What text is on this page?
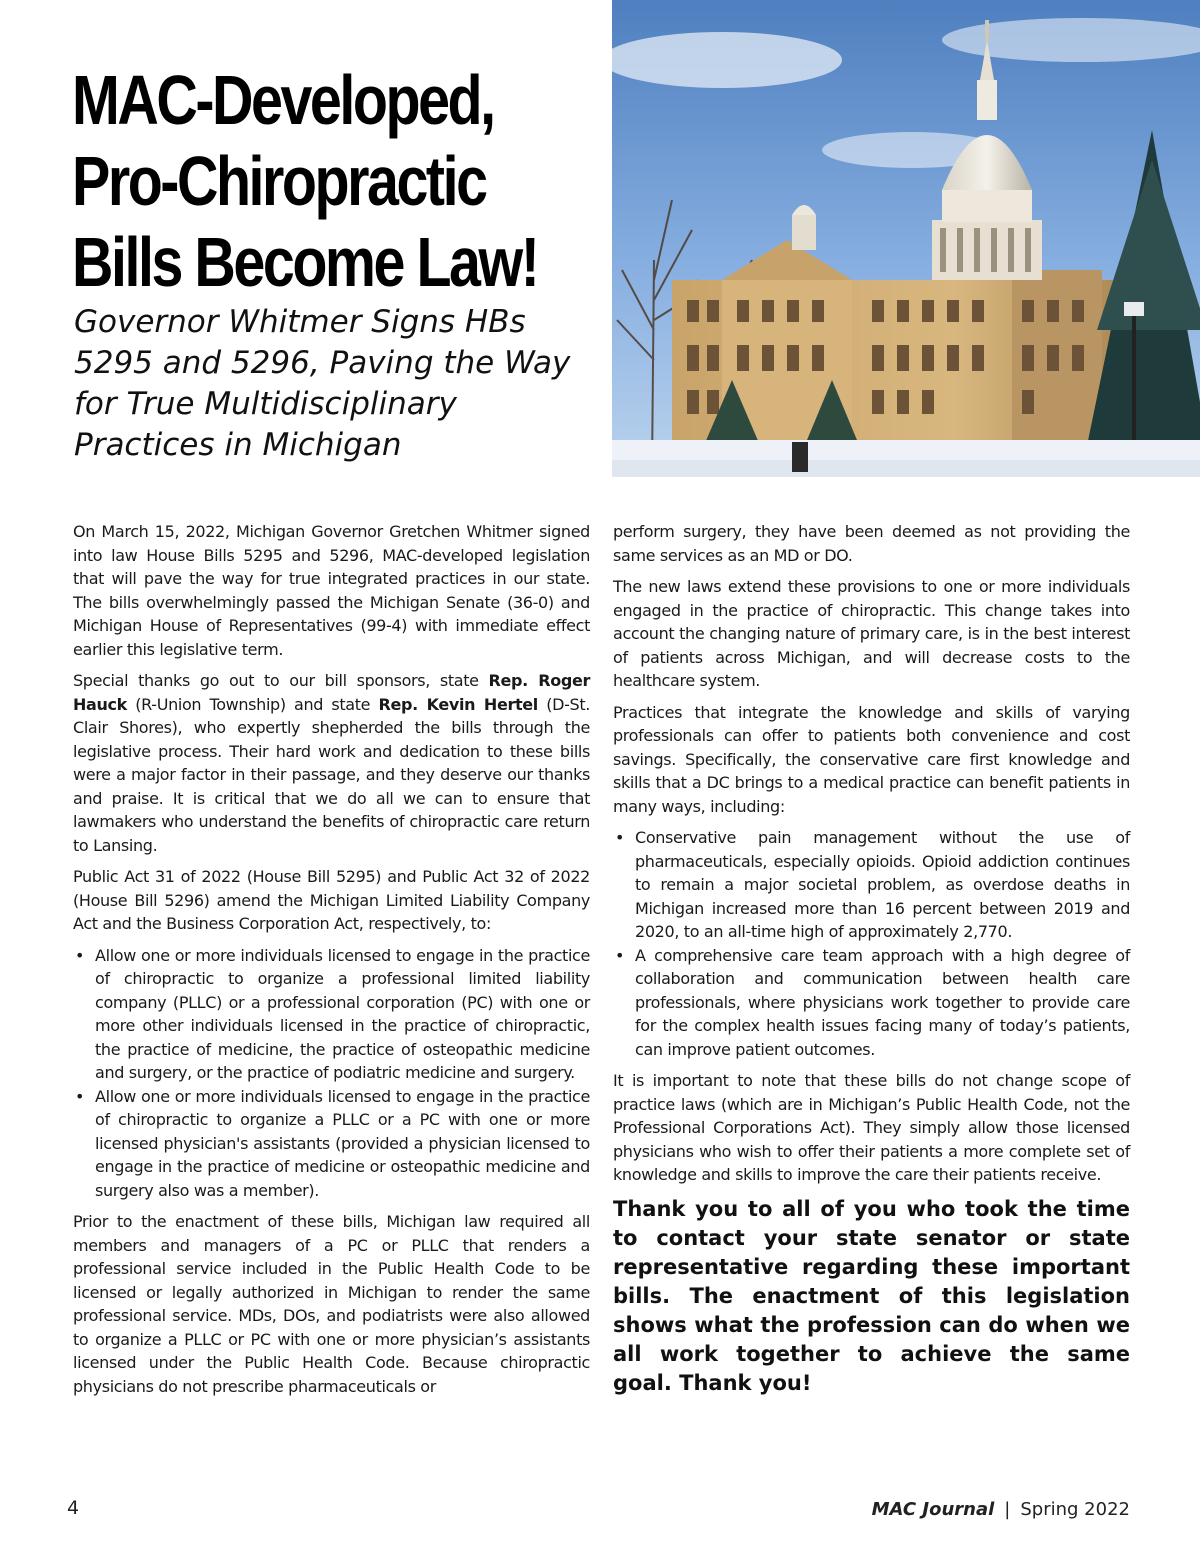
MAC-Developed,
Pro-Chiropractic
Bills Become Law!
Governor Whitmer Signs HBs
5295 and 5296, Paving the Way
for True Multidisciplinary
Practices in Michigan

On March 15, 2022, Michigan Governor Gretchen Whitmer signed into law House Bills 5295 and 5296, MAC-developed legislation that will pave the way for true integrated practices in our state. The bills overwhelmingly passed the Michigan Senate (36-0) and Michigan House of Representatives (99-4) with immediate effect earlier this legislative term.

Special thanks go out to our bill sponsors, state Rep. Roger Hauck (R-Union Township) and state Rep. Kevin Hertel (D-St. Clair Shores), who expertly shepherded the bills through the legislative process. Their hard work and dedication to these bills were a major factor in their passage, and they deserve our thanks and praise. It is critical that we do all we can to ensure that lawmakers who understand the benefits of chiropractic care return to Lansing.

Public Act 31 of 2022 (House Bill 5295) and Public Act 32 of 2022 (House Bill 5296) amend the Michigan Limited Liability Company Act and the Business Corporation Act, respectively, to:

• Allow one or more individuals licensed to engage in the practice of chiropractic to organize a professional limited liability company (PLLC) or a professional corporation (PC) with one or more other individuals licensed in the practice of chiropractic, the practice of medicine, the practice of osteopathic medicine and surgery, or the practice of podiatric medicine and surgery.
• Allow one or more individuals licensed to engage in the practice of chiropractic to organize a PLLC or a PC with one or more licensed physician's assistants (provided a physician licensed to engage in the practice of medicine or osteopathic medicine and surgery also was a member).

Prior to the enactment of these bills, Michigan law required all members and managers of a PC or PLLC that renders a professional service included in the Public Health Code to be licensed or legally authorized in Michigan to render the same professional service. MDs, DOs, and podiatrists were also allowed to organize a PLLC or PC with one or more physician’s assistants licensed under the Public Health Code. Because chiropractic physicians do not prescribe pharmaceuticals or

perform surgery, they have been deemed as not providing the same services as an MD or DO.

The new laws extend these provisions to one or more individuals engaged in the practice of chiropractic. This change takes into account the changing nature of primary care, is in the best interest of patients across Michigan, and will decrease costs to the healthcare system.

Practices that integrate the knowledge and skills of varying professionals can offer to patients both convenience and cost savings. Specifically, the conservative care first knowledge and skills that a DC brings to a medical practice can benefit patients in many ways, including:

• Conservative pain management without the use of pharmaceuticals, especially opioids. Opioid addiction continues to remain a major societal problem, as overdose deaths in Michigan increased more than 16 percent between 2019 and 2020, to an all-time high of approximately 2,770.
• A comprehensive care team approach with a high degree of collaboration and communication between health care professionals, where physicians work together to provide care for the complex health issues facing many of today’s patients, can improve patient outcomes.

It is important to note that these bills do not change scope of practice laws (which are in Michigan’s Public Health Code, not the Professional Corporations Act). They simply allow those licensed physicians who wish to offer their patients a more complete set of knowledge and skills to improve the care their patients receive.

Thank you to all of you who took the time to contact your state senator or state representative regarding these important bills. The enactment of this legislation shows what the profession can do when we all work together to achieve the same goal. Thank you!

4	MAC Journal | Spring 2022
